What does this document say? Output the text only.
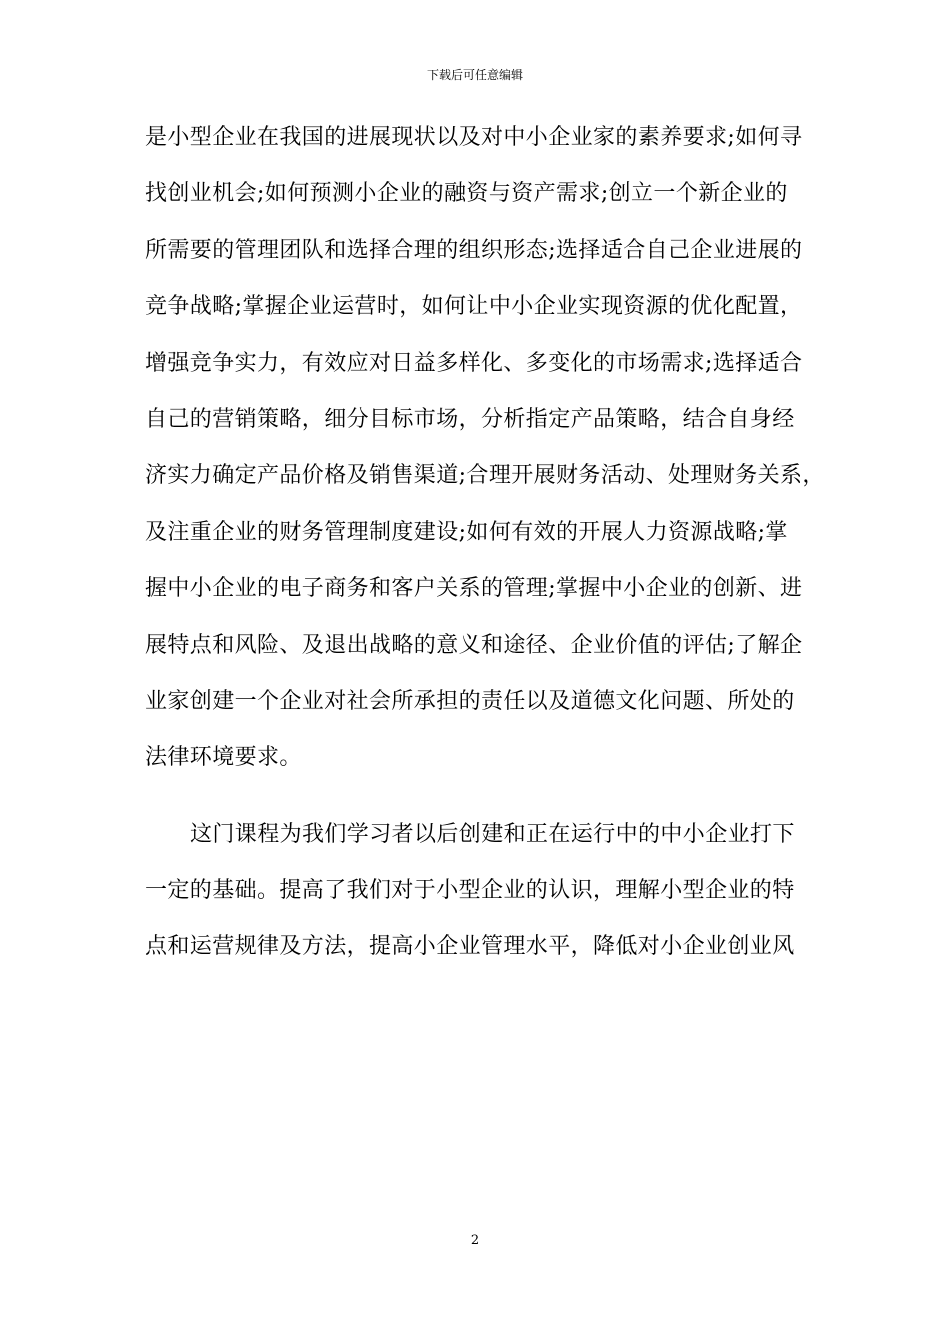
下载后可任意编辑
是小型企业在我国的进展现状以及对中小企业家的素养要求;如何寻
找创业机会;如何预测小企业的融资与资产需求;创立一个新企业的
所需要的管理团队和选择合理的组织形态;选择适合自己企业进展的
竞争战略;掌握企业运营时，如何让中小企业实现资源的优化配置，
增强竞争实力，有效应对日益多样化、多变化的市场需求;选择适合
自己的营销策略，细分目标市场，分析指定产品策略，结合自身经
济实力确定产品价格及销售渠道;合理开展财务活动、处理财务关系，
及注重企业的财务管理制度建设;如何有效的开展人力资源战略;掌
握中小企业的电子商务和客户关系的管理;掌握中小企业的创新、进
展特点和风险、及退出战略的意义和途径、企业价值的评估;了解企
业家创建一个企业对社会所承担的责任以及道德文化问题、所处的
法律环境要求。
这门课程为我们学习者以后创建和正在运行中的中小企业打下
一定的基础。提高了我们对于小型企业的认识，理解小型企业的特
点和运营规律及方法，提高小企业管理水平，降低对小企业创业风
2
